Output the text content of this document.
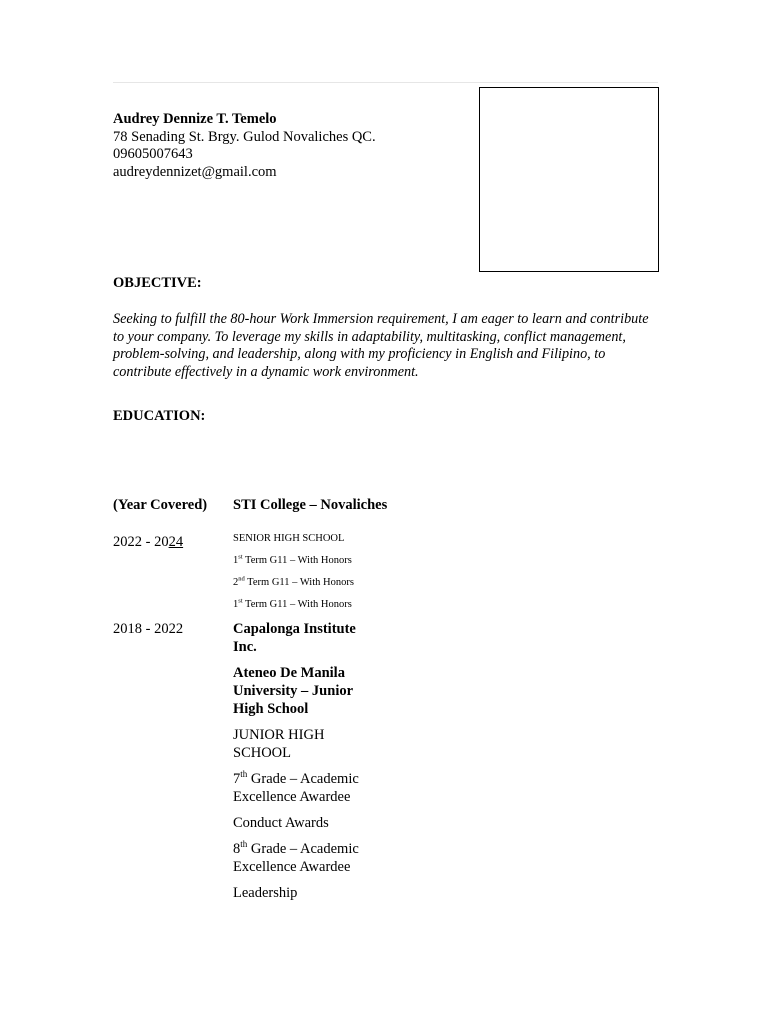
Audrey Dennize T. Temelo
78 Senading St. Brgy. Gulod Novaliches QC.
09605007643
audreydennizet@gmail.com
OBJECTIVE:
Seeking to fulfill the 80-hour Work Immersion requirement, I am eager to learn and contribute to your company. To leverage my skills in adaptability, multitasking, conflict management, problem-solving, and leadership, along with my proficiency in English and Filipino, to contribute effectively in a dynamic work environment.
EDUCATION:
(Year Covered) STI College – Novaliches
2022 - 2024	SENIOR HIGH SCHOOL
1st Term G11 – With Honors
2nd Term G11 – With Honors
1st Term G11 – With Honors
2018 - 2022	Capalonga Institute Inc.
Ateneo De Manila University – Junior High School
JUNIOR HIGH SCHOOL
7th Grade – Academic Excellence Awardee
Conduct Awards
8th Grade – Academic Excellence Awardee
Leadership
